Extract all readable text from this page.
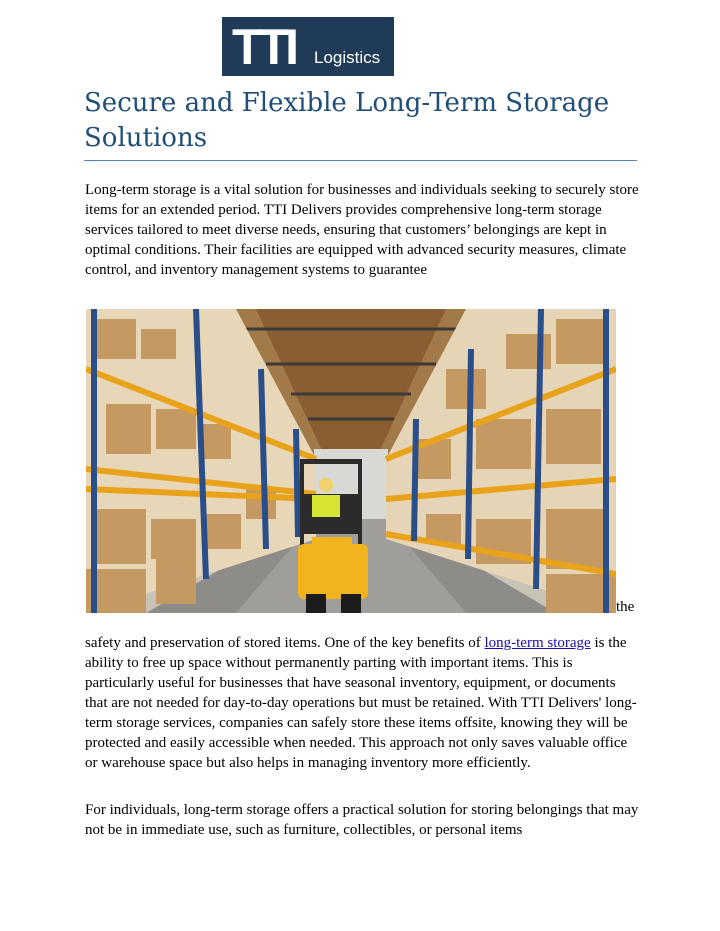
TTI Logistics
Secure and Flexible Long-Term Storage Solutions

Long-term storage is a vital solution for businesses and individuals seeking to securely store items for an extended period. TTI Delivers provides comprehensive long-term storage services tailored to meet diverse needs, ensuring that customers’ belongings are kept in optimal conditions. Their facilities are equipped with advanced security measures, climate control, and inventory management systems to guarantee

the

safety and preservation of stored items. One of the key benefits of long-term storage is the ability to free up space without permanently parting with important items. This is particularly useful for businesses that have seasonal inventory, equipment, or documents that are not needed for day-to-day operations but must be retained. With TTI Delivers' long-term storage services, companies can safely store these items offsite, knowing they will be protected and easily accessible when needed. This approach not only saves valuable office or warehouse space but also helps in managing inventory more efficiently.

For individuals, long-term storage offers a practical solution for storing belongings that may not be in immediate use, such as furniture, collectibles, or personal items
